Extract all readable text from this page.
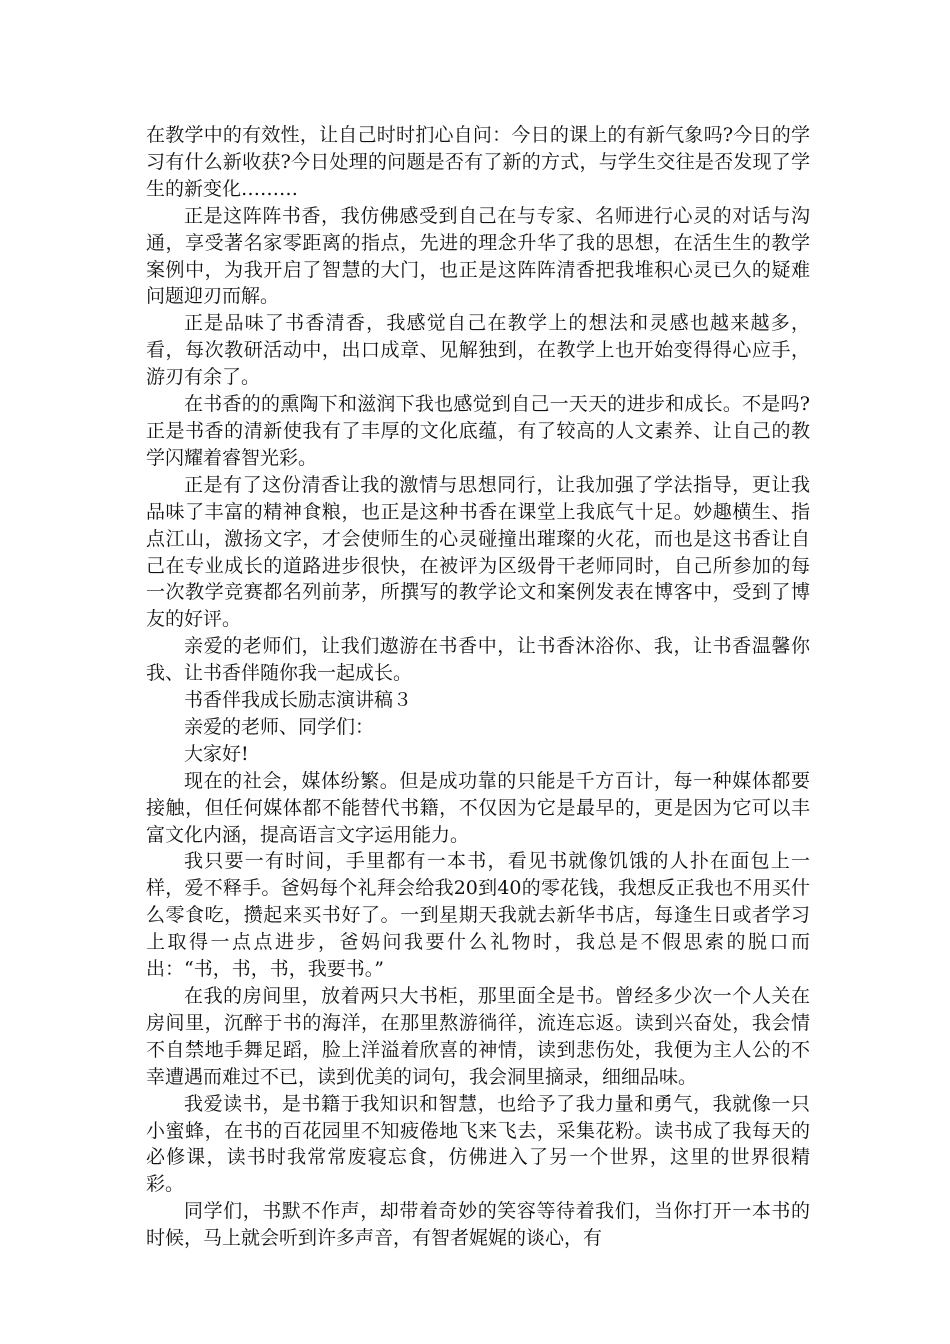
在教学中的有效性，让自己时时扪心自问：今日的课上的有新气象吗?今日的学习有什么新收获?今日处理的问题是否有了新的方式，与学生交往是否发现了学生的新变化………

正是这阵阵书香，我仿佛感受到自己在与专家、名师进行心灵的对话与沟通，享受著名家零距离的指点，先进的理念升华了我的思想，在活生生的教学案例中，为我开启了智慧的大门，也正是这阵阵清香把我堆积心灵已久的疑难问题迎刃而解。

正是品味了书香清香，我感觉自己在教学上的想法和灵感也越来越多，看，每次教研活动中，出口成章、见解独到，在教学上也开始变得得心应手，游刃有余了。

在书香的的熏陶下和滋润下我也感觉到自己一天天的进步和成长。不是吗?正是书香的清新使我有了丰厚的文化底蕴，有了较高的人文素养、让自己的教学闪耀着睿智光彩。

正是有了这份清香让我的激情与思想同行，让我加强了学法指导，更让我品味了丰富的精神食粮，也正是这种书香在课堂上我底气十足。妙趣横生、指点江山，激扬文字，才会使师生的心灵碰撞出璀璨的火花，而也是这书香让自己在专业成长的道路进步很快，在被评为区级骨干老师同时，自己所参加的每一次教学竞赛都名列前茅，所撰写的教学论文和案例发表在博客中，受到了博友的好评。

亲爱的老师们，让我们遨游在书香中，让书香沐浴你、我，让书香温馨你我、让书香伴随你我一起成长。

书香伴我成长励志演讲稿３

亲爱的老师、同学们：

大家好!

现在的社会，媒体纷繁。但是成功靠的只能是千方百计，每一种媒体都要接触，但任何媒体都不能替代书籍，不仅因为它是最早的，更是因为它可以丰富文化内涵，提高语言文字运用能力。

我只要一有时间，手里都有一本书，看见书就像饥饿的人扑在面包上一样，爱不释手。爸妈每个礼拜会给我20到40的零花钱，我想反正我也不用买什么零食吃，攒起来买书好了。一到星期天我就去新华书店，每逢生日或者学习上取得一点点进步，爸妈问我要什么礼物时，我总是不假思索的脱口而出：“书，书，书，我要书。”

在我的房间里，放着两只大书柜，那里面全是书。曾经多少次一个人关在房间里，沉醉于书的海洋，在那里熬游徜徉，流连忘返。读到兴奋处，我会情不自禁地手舞足蹈，脸上洋溢着欣喜的神情，读到悲伤处，我便为主人公的不幸遭遇而难过不已，读到优美的词句，我会洞里摘录，细细品味。

我爱读书，是书籍于我知识和智慧，也给予了我力量和勇气，我就像一只小蜜蜂，在书的百花园里不知疲倦地飞来飞去，采集花粉。读书成了我每天的必修课，读书时我常常废寝忘食，仿佛进入了另一个世界，这里的世界很精彩。

同学们，书默不作声，却带着奇妙的笑容等待着我们，当你打开一本书的时候，马上就会听到许多声音，有智者娓娓的谈心，有
